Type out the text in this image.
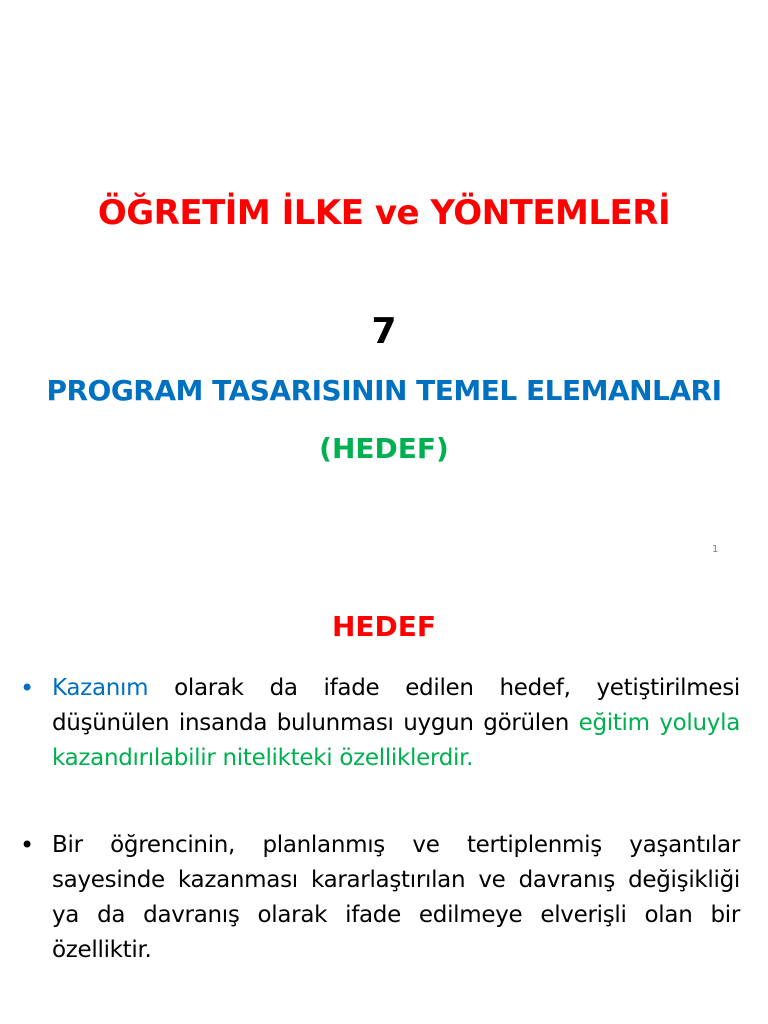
ÖĞRETİM İLKE ve YÖNTEMLERİ
7
PROGRAM TASARISININ TEMEL ELEMANLARI
(HEDEF)
1
HEDEF
• Kazanım olarak da ifade edilen hedef, yetiştirilmesi düşünülen insanda bulunması uygun görülen eğitim yoluyla kazandırılabilir nitelikteki özelliklerdir.
• Bir öğrencinin, planlanmış ve tertiplenmiş yaşantılar sayesinde kazanması kararlaştırılan ve davranış değişikliği ya da davranış olarak ifade edilmeye elverişli olan bir özelliktir.
